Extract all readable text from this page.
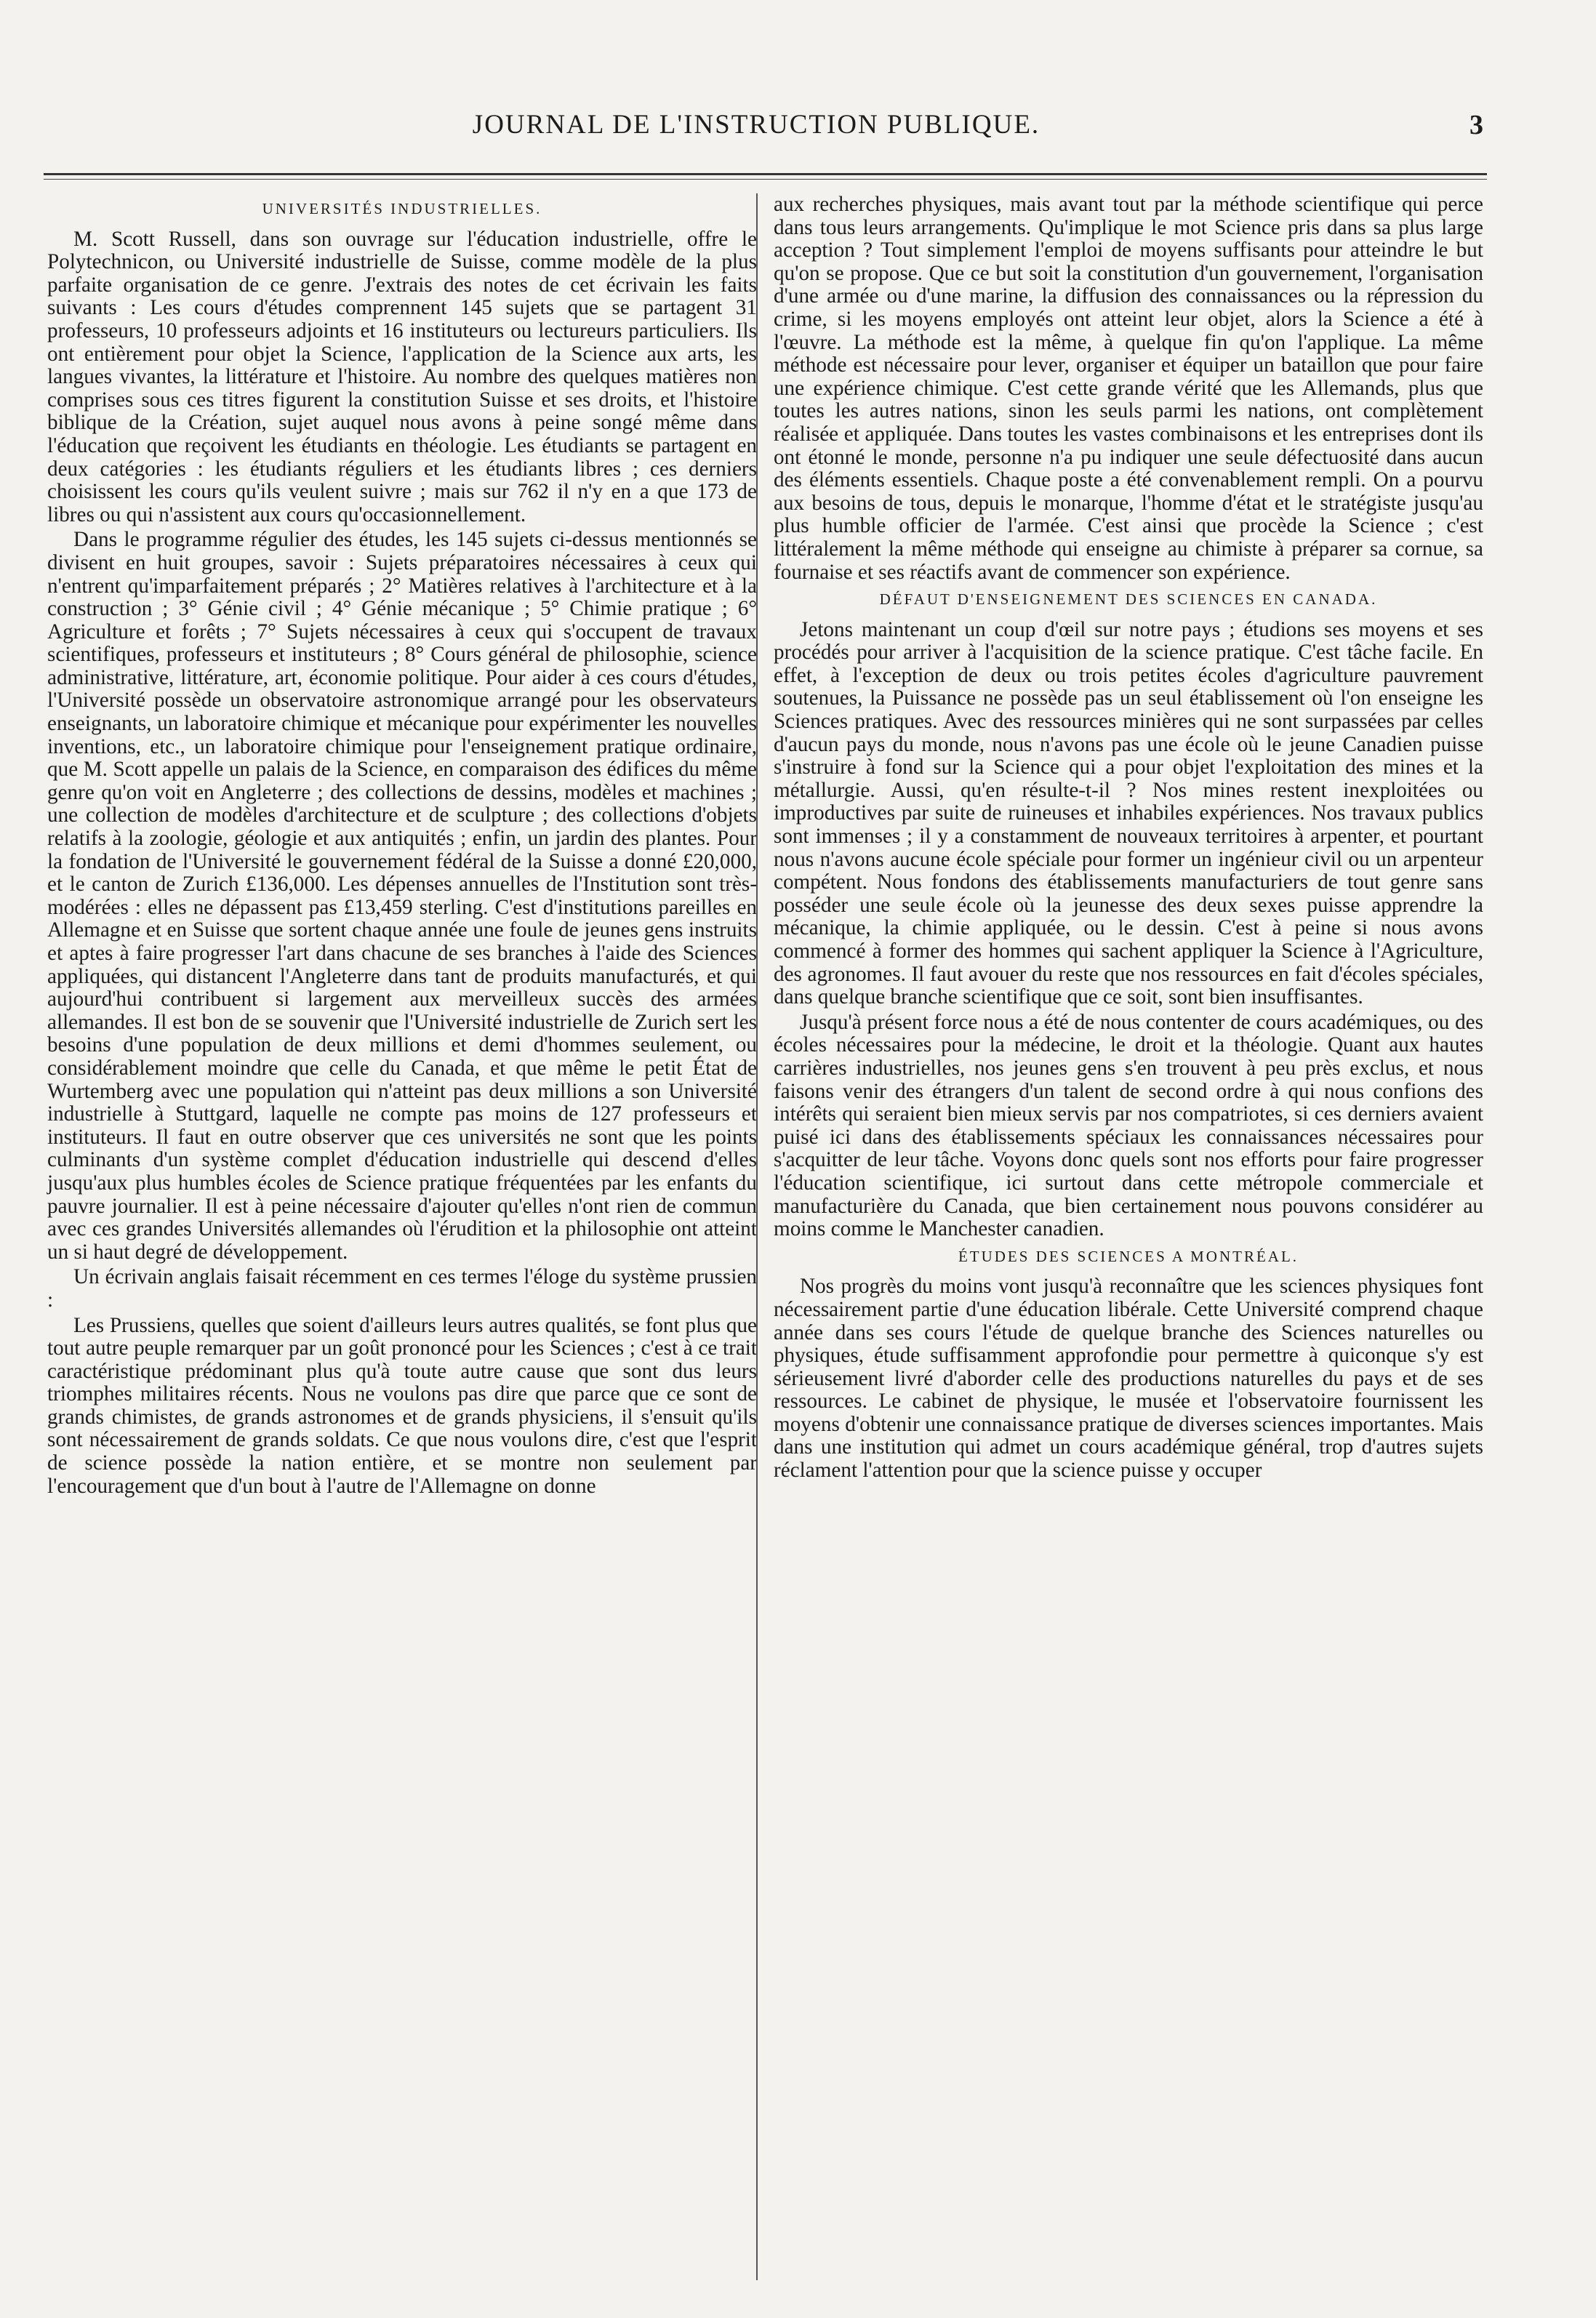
JOURNAL DE L'INSTRUCTION PUBLIQUE.	3
UNIVERSITÉS INDUSTRIELLES.

M. Scott Russell, dans son ouvrage sur l'éducation industrielle, offre le Polytechnicon, ou Université industrielle de Suisse, comme modèle de la plus parfaite organisation de ce genre. J'extrais des notes de cet écrivain les faits suivants : Les cours d'études comprennent 145 sujets que se partagent 31 professeurs, 10 professeurs adjoints et 16 instituteurs ou lectureurs particuliers. Ils ont entièrement pour objet la Science, l'application de la Science aux arts, les langues vivantes, la littérature et l'histoire. Au nombre des quelques matières non comprises sous ces titres figurent la constitution Suisse et ses droits, et l'histoire biblique de la Création, sujet auquel nous avons à peine songé même dans l'éducation que reçoivent les étudiants en théologie. Les étudiants se partagent en deux catégories : les étudiants réguliers et les étudiants libres ; ces derniers choisissent les cours qu'ils veulent suivre ; mais sur 762 il n'y en a que 173 de libres ou qui n'assistent aux cours qu'occasionnellement.

Dans le programme régulier des études, les 145 sujets ci-dessus mentionnés se divisent en huit groupes, savoir : Sujets préparatoires nécessaires à ceux qui n'entrent qu'imparfaitement préparés ; 2° Matières relatives à l'architecture et à la construction ; 3° Génie civil ; 4° Génie mécanique ; 5° Chimie pratique ; 6° Agriculture et forêts ; 7° Sujets nécessaires à ceux qui s'occupent de travaux scientifiques, professeurs et instituteurs ; 8° Cours général de philosophie, science administrative, littérature, art, économie politique. Pour aider à ces cours d'études, l'Université possède un observatoire astronomique arrangé pour les observateurs enseignants, un laboratoire chimique et mécanique pour expérimenter les nouvelles inventions, etc., un laboratoire chimique pour l'enseignement pratique ordinaire, que M. Scott appelle un palais de la Science, en comparaison des édifices du même genre qu'on voit en Angleterre ; des collections de dessins, modèles et machines ; une collection de modèles d'architecture et de sculpture ; des collections d'objets relatifs à la zoologie, géologie et aux antiquités ; enfin, un jardin des plantes. Pour la fondation de l'Université le gouvernement fédéral de la Suisse a donné £20,000, et le canton de Zurich £136,000. Les dépenses annuelles de l'Institution sont très-modérées : elles ne dépassent pas £13,459 sterling. C'est d'institutions pareilles en Allemagne et en Suisse que sortent chaque année une foule de jeunes gens instruits et aptes à faire progresser l'art dans chacune de ses branches à l'aide des Sciences appliquées, qui distancent l'Angleterre dans tant de produits manufacturés, et qui aujourd'hui contribuent si largement aux merveilleux succès des armées allemandes. Il est bon de se souvenir que l'Université industrielle de Zurich sert les besoins d'une population de deux millions et demi d'hommes seulement, ou considérablement moindre que celle du Canada, et que même le petit État de Wurtemberg avec une population qui n'atteint pas deux millions a son Université industrielle à Stuttgard, laquelle ne compte pas moins de 127 professeurs et instituteurs. Il faut en outre observer que ces universités ne sont que les points culminants d'un système complet d'éducation industrielle qui descend d'elles jusqu'aux plus humbles écoles de Science pratique fréquentées par les enfants du pauvre journalier. Il est à peine nécessaire d'ajouter qu'elles n'ont rien de commun avec ces grandes Universités allemandes où l'érudition et la philosophie ont atteint un si haut degré de développement.

Un écrivain anglais faisait récemment en ces termes l'éloge du système prussien :

Les Prussiens, quelles que soient d'ailleurs leurs autres qualités, se font plus que tout autre peuple remarquer par un goût prononcé pour les Sciences ; c'est à ce trait caractéristique prédominant plus qu'à toute autre cause que sont dus leurs triomphes militaires récents. Nous ne voulons pas dire que parce que ce sont de grands chimistes, de grands astronomes et de grands physiciens, il s'ensuit qu'ils sont nécessairement de grands soldats. Ce que nous voulons dire, c'est que l'esprit de science possède la nation entière, et se montre non seulement par l'encouragement que d'un bout à l'autre de l'Allemagne on donne

aux recherches physiques, mais avant tout par la méthode scientifique qui perce dans tous leurs arrangements. Qu'implique le mot Science pris dans sa plus large acception ? Tout simplement l'emploi de moyens suffisants pour atteindre le but qu'on se propose. Que ce but soit la constitution d'un gouvernement, l'organisation d'une armée ou d'une marine, la diffusion des connaissances ou la répression du crime, si les moyens employés ont atteint leur objet, alors la Science a été à l'œuvre. La méthode est la même, à quelque fin qu'on l'applique. La même méthode est nécessaire pour lever, organiser et équiper un bataillon que pour faire une expérience chimique. C'est cette grande vérité que les Allemands, plus que toutes les autres nations, sinon les seuls parmi les nations, ont complètement réalisée et appliquée. Dans toutes les vastes combinaisons et les entreprises dont ils ont étonné le monde, personne n'a pu indiquer une seule défectuosité dans aucun des éléments essentiels. Chaque poste a été convenablement rempli. On a pourvu aux besoins de tous, depuis le monarque, l'homme d'état et le stratégiste jusqu'au plus humble officier de l'armée. C'est ainsi que procède la Science ; c'est littéralement la même méthode qui enseigne au chimiste à préparer sa cornue, sa fournaise et ses réactifs avant de commencer son expérience.

DÉFAUT D'ENSEIGNEMENT DES SCIENCES EN CANADA.

Jetons maintenant un coup d'œil sur notre pays ; étudions ses moyens et ses procédés pour arriver à l'acquisition de la science pratique. C'est tâche facile. En effet, à l'exception de deux ou trois petites écoles d'agriculture pauvrement soutenues, la Puissance ne possède pas un seul établissement où l'on enseigne les Sciences pratiques. Avec des ressources minières qui ne sont surpassées par celles d'aucun pays du monde, nous n'avons pas une école où le jeune Canadien puisse s'instruire à fond sur la Science qui a pour objet l'exploitation des mines et la métallurgie. Aussi, qu'en résulte-t-il ? Nos mines restent inexploitées ou improductives par suite de ruineuses et inhabiles expériences. Nos travaux publics sont immenses ; il y a constamment de nouveaux territoires à arpenter, et pourtant nous n'avons aucune école spéciale pour former un ingénieur civil ou un arpenteur compétent. Nous fondons des établissements manufacturiers de tout genre sans posséder une seule école où la jeunesse des deux sexes puisse apprendre la mécanique, la chimie appliquée, ou le dessin. C'est à peine si nous avons commencé à former des hommes qui sachent appliquer la Science à l'Agriculture, des agronomes. Il faut avouer du reste que nos ressources en fait d'écoles spéciales, dans quelque branche scientifique que ce soit, sont bien insuffisantes.

Jusqu'à présent force nous a été de nous contenter de cours académiques, ou des écoles nécessaires pour la médecine, le droit et la théologie. Quant aux hautes carrières industrielles, nos jeunes gens s'en trouvent à peu près exclus, et nous faisons venir des étrangers d'un talent de second ordre à qui nous confions des intérêts qui seraient bien mieux servis par nos compatriotes, si ces derniers avaient puisé ici dans des établissements spéciaux les connaissances nécessaires pour s'acquitter de leur tâche. Voyons donc quels sont nos efforts pour faire progresser l'éducation scientifique, ici surtout dans cette métropole commerciale et manufacturière du Canada, que bien certainement nous pouvons considérer au moins comme le Manchester canadien.

ÉTUDES DES SCIENCES A MONTRÉAL.

Nos progrès du moins vont jusqu'à reconnaître que les sciences physiques font nécessairement partie d'une éducation libérale. Cette Université comprend chaque année dans ses cours l'étude de quelque branche des Sciences naturelles ou physiques, étude suffisamment approfondie pour permettre à quiconque s'y est sérieusement livré d'aborder celle des productions naturelles du pays et de ses ressources. Le cabinet de physique, le musée et l'observatoire fournissent les moyens d'obtenir une connaissance pratique de diverses sciences importantes. Mais dans une institution qui admet un cours académique général, trop d'autres sujets réclament l'attention pour que la science puisse y occuper
